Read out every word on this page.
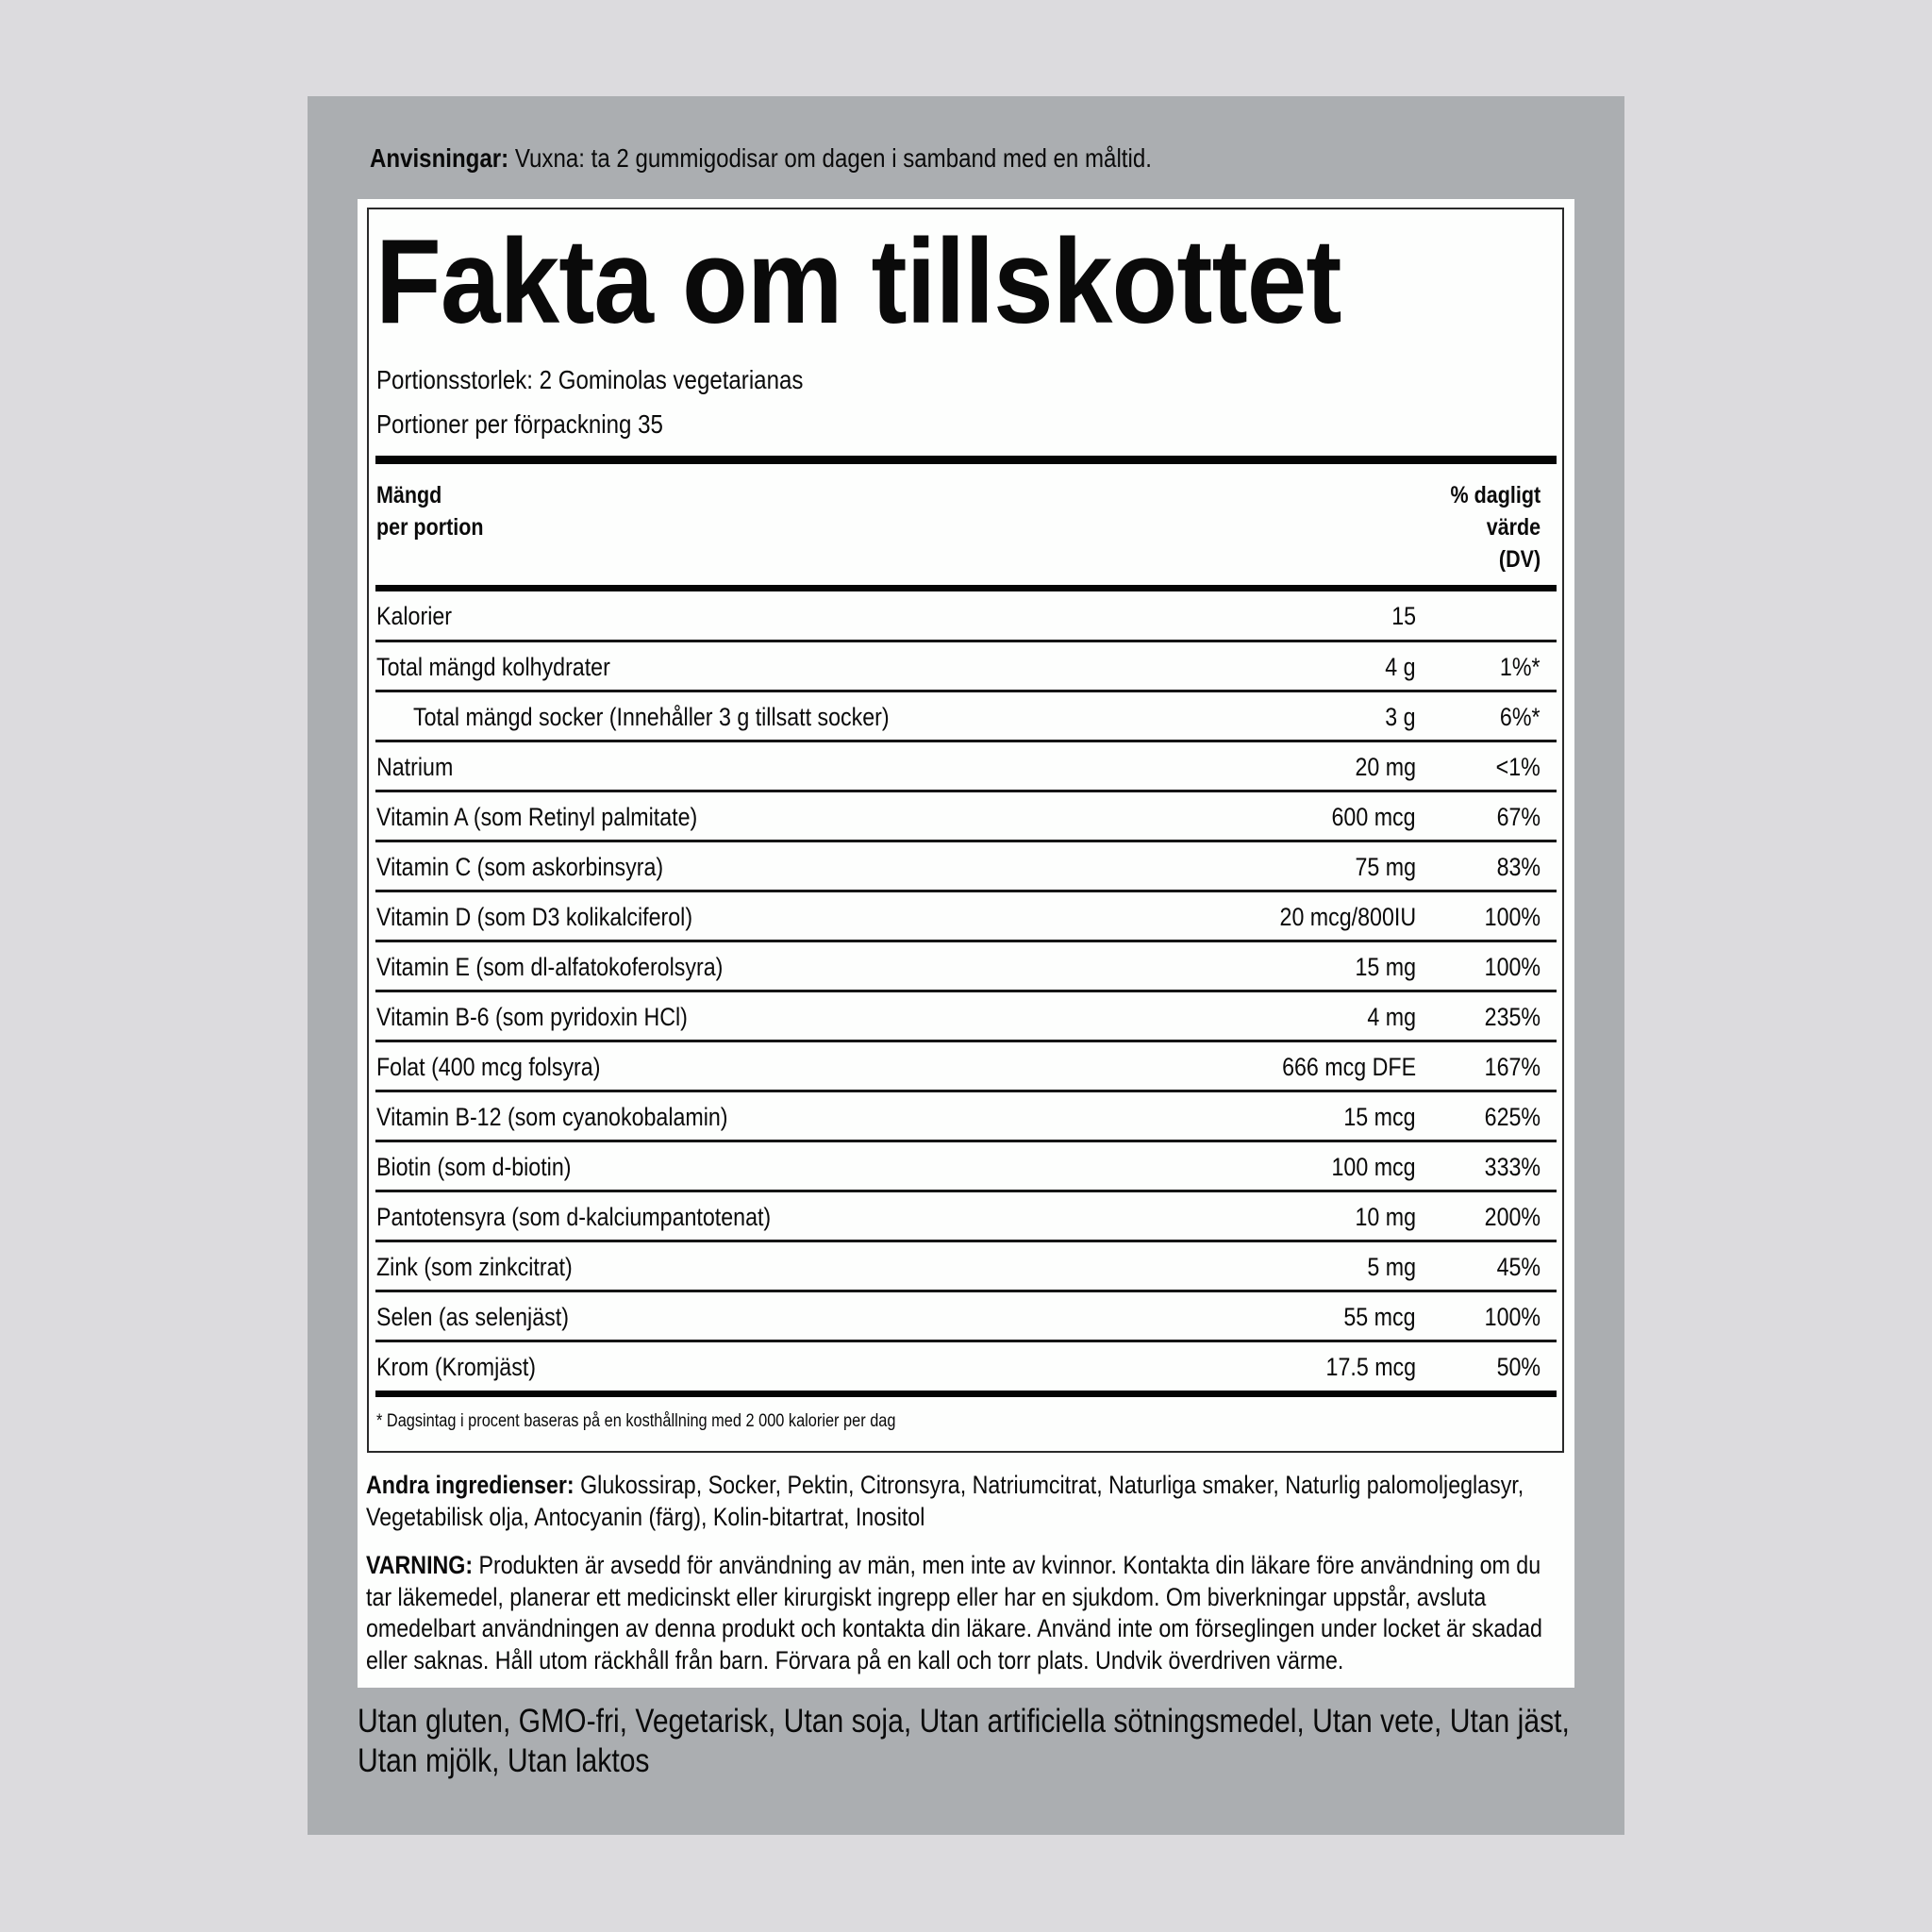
Anvisningar: Vuxna: ta 2 gummigodisar om dagen i samband med en måltid.
Fakta om tillskottet
Portionsstorlek: 2 Gominolas vegetarianas
Portioner per förpackning 35
Mängd
per portion
% dagligt
värde
(DV)
Kalorier	15
Total mängd kolhydrater	4 g	1%*
Total mängd socker (Innehåller 3 g tillsatt socker)	3 g	6%*
Natrium	20 mg	<1%
Vitamin A (som Retinyl palmitate)	600 mcg	67%
Vitamin C (som askorbinsyra)	75 mg	83%
Vitamin D (som D3 kolikalciferol)	20 mcg/800IU	100%
Vitamin E (som dl-alfatokoferolsyra)	15 mg	100%
Vitamin B-6 (som pyridoxin HCl)	4 mg	235%
Folat (400 mcg folsyra)	666 mcg DFE	167%
Vitamin B-12 (som cyanokobalamin)	15 mcg	625%
Biotin (som d-biotin)	100 mcg	333%
Pantotensyra (som d-kalciumpantotenat)	10 mg	200%
Zink (som zinkcitrat)	5 mg	45%
Selen (as selenjäst)	55 mcg	100%
Krom (Kromjäst)	17.5 mcg	50%
* Dagsintag i procent baseras på en kosthållning med 2 000 kalorier per dag
Andra ingredienser: Glukossirap, Socker, Pektin, Citronsyra, Natriumcitrat, Naturliga smaker, Naturlig palomoljeglasyr, Vegetabilisk olja, Antocyanin (färg), Kolin-bitartrat, Inositol
VARNING: Produkten är avsedd för användning av män, men inte av kvinnor. Kontakta din läkare före användning om du tar läkemedel, planerar ett medicinskt eller kirurgiskt ingrepp eller har en sjukdom. Om biverkningar uppstår, avsluta omedelbart användningen av denna produkt och kontakta din läkare. Använd inte om förseglingen under locket är skadad eller saknas. Håll utom räckhåll från barn. Förvara på en kall och torr plats. Undvik överdriven värme.
Utan gluten, GMO-fri, Vegetarisk, Utan soja, Utan artificiella sötningsmedel, Utan vete, Utan jäst, Utan mjölk, Utan laktos
